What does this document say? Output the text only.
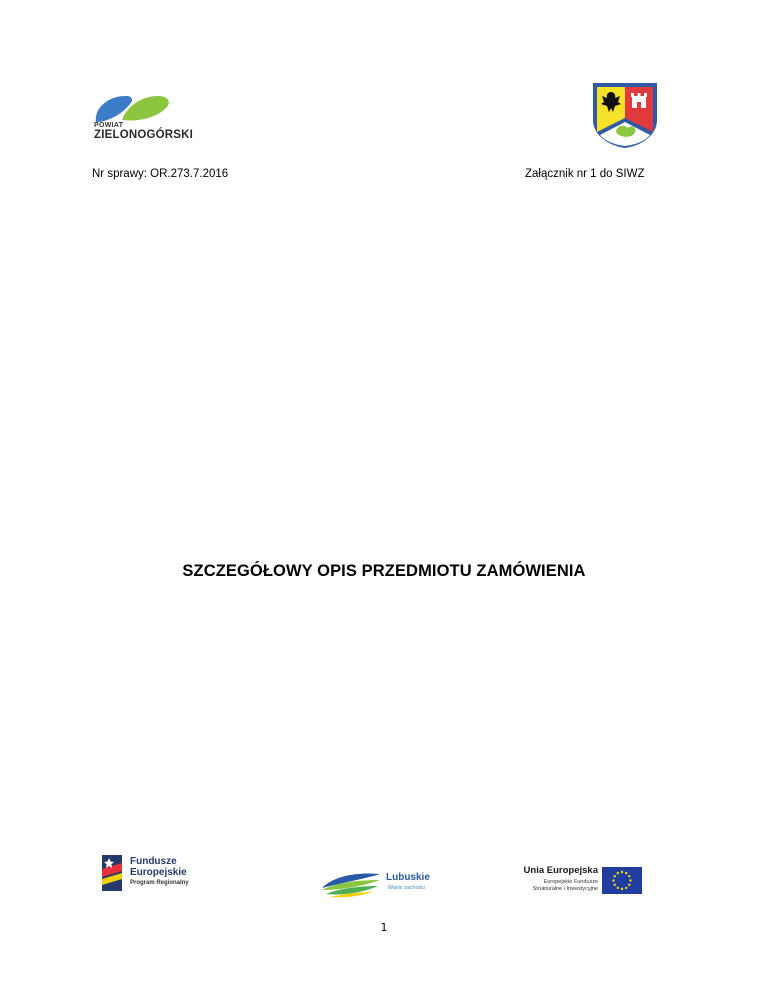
POWIAT
ZIELONOGÓRSKI
Nr sprawy: OR.273.7.2016	Załącznik nr 1 do SIWZ
SZCZEGÓŁOWY OPIS PRZEDMIOTU ZAMÓWIENIA
Fundusze
Europejskie
Program Regionalny	Lubuskie
Warte zachodu
Unia Europejska
Europejskie Fundusze
Strukturalne i Inwestycyjne
1
